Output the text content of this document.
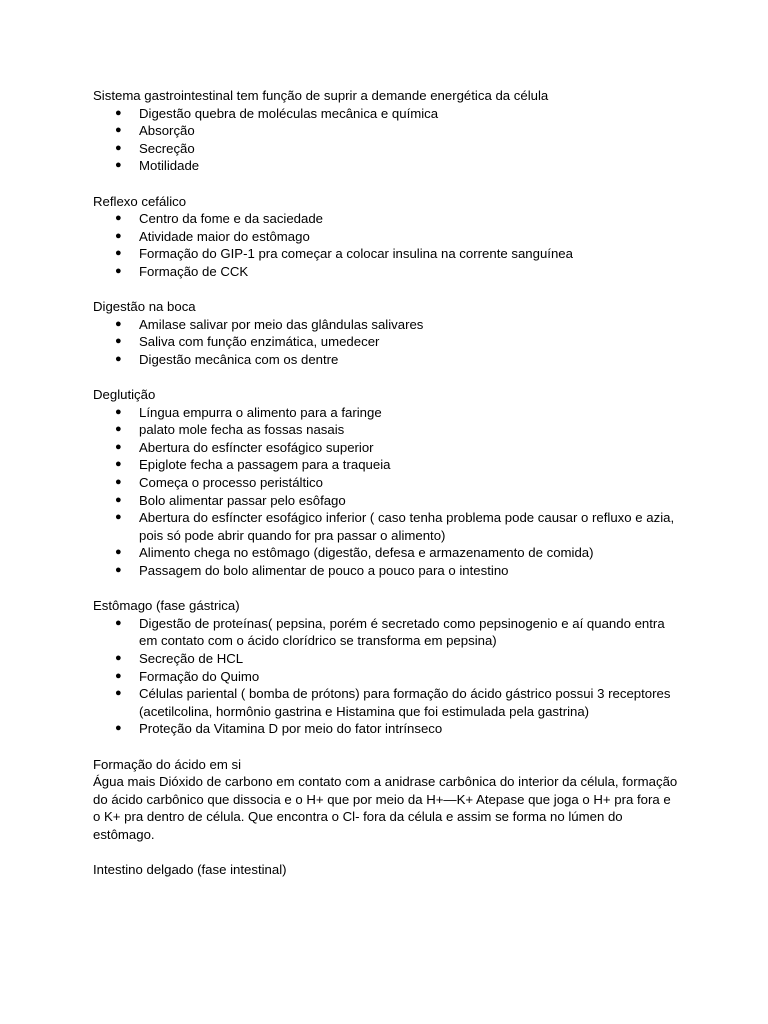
Sistema gastrointestinal tem função de suprir a demande energética da célula

● Digestão quebra de moléculas mecânica e química
● Absorção
● Secreção
● Motilidade

Reflexo cefálico

● Centro da fome e da saciedade
● Atividade maior do estômago
● Formação do GIP-1 pra começar a colocar insulina na corrente sanguínea
● Formação de CCK

Digestão na boca

● Amilase salivar por meio das glândulas salivares
● Saliva com função enzimática, umedecer
● Digestão mecânica com os dentre

Deglutição

● Língua empurra o alimento para a faringe
● palato mole fecha as fossas nasais
● Abertura do esfíncter esofágico superior
● Epiglote fecha a passagem para a traqueia
● Começa o processo peristáltico
● Bolo alimentar passar pelo esôfago
● Abertura do esfíncter esofágico inferior ( caso tenha problema pode causar o refluxo e azia, pois só pode abrir quando for pra passar o alimento)
● Alimento chega no estômago (digestão, defesa e armazenamento de comida)
● Passagem do bolo alimentar de pouco a pouco para o intestino

Estômago (fase gástrica)

● Digestão de proteínas( pepsina, porém é secretado como pepsinogenio e aí quando entra em contato com o ácido clorídrico se transforma em pepsina)
● Secreção de HCL
● Formação do Quimo
● Células pariental ( bomba de prótons) para formação do ácido gástrico possui 3 receptores (acetilcolina, hormônio gastrina e Histamina que foi estimulada pela gastrina)
● Proteção da Vitamina D por meio do fator intrínseco

Formação do ácido em si

Água mais Dióxido de carbono em contato com a anidrase carbônica do interior da célula, formação do ácido carbônico que dissocia e o H+ que por meio da H+—K+ Atepase que joga o H+ pra fora e o K+ pra dentro de célula. Que encontra o Cl- fora da célula e assim se forma no lúmen do estômago.

Intestino delgado (fase intestinal)
